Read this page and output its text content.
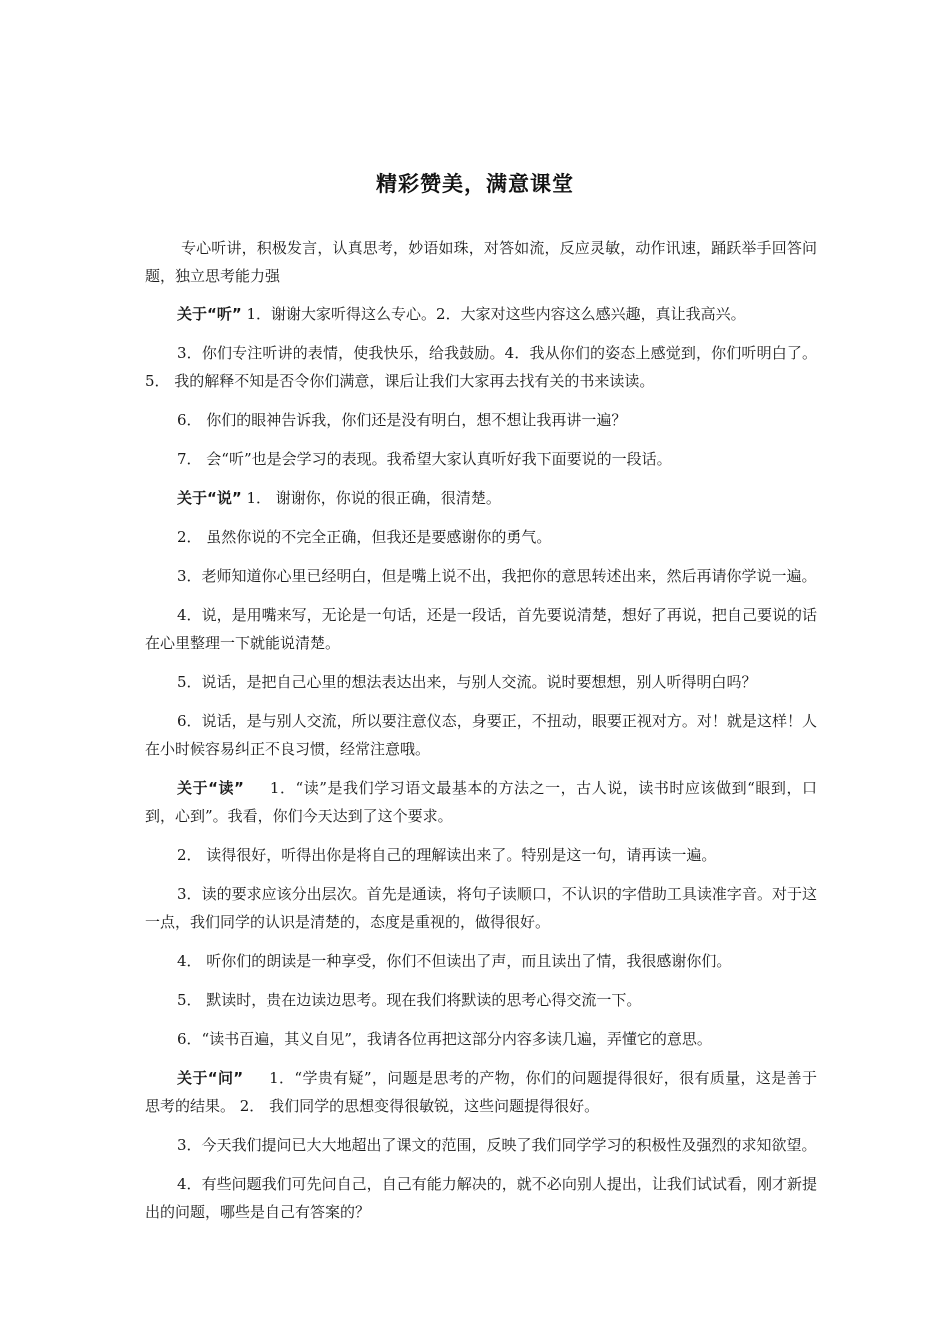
精彩赞美，满意课堂

专心听讲，积极发言，认真思考，妙语如珠，对答如流，反应灵敏，动作讯速，踊跃举手回答问题，独立思考能力强

关于“听” 1．谢谢大家听得这么专心。2．大家对这些内容这么感兴趣，真让我高兴。

3．你们专注听讲的表情，使我快乐，给我鼓励。4．我从你们的姿态上感觉到，你们听明白了。 5． 我的解释不知是否令你们满意，课后让我们大家再去找有关的书来读读。

6． 你们的眼神告诉我，你们还是没有明白，想不想让我再讲一遍？

7． 会“听”也是会学习的表现。我希望大家认真听好我下面要说的一段话。

关于“说” 1． 谢谢你，你说的很正确，很清楚。

2． 虽然你说的不完全正确，但我还是要感谢你的勇气。

3．老师知道你心里已经明白，但是嘴上说不出，我把你的意思转述出来，然后再请你学说一遍。

4．说，是用嘴来写，无论是一句话，还是一段话，首先要说清楚，想好了再说，把自己要说的话在心里整理一下就能说清楚。

5．说话，是把自己心里的想法表达出来，与别人交流。说时要想想，别人听得明白吗？

6．说话，是与别人交流，所以要注意仪态，身要正，不扭动，眼要正视对方。对！就是这样！人在小时候容易纠正不良习惯，经常注意哦。

关于“读” 1．“读”是我们学习语文最基本的方法之一，古人说，读书时应该做到“眼到，口到，心到”。我看，你们今天达到了这个要求。

2． 读得很好，听得出你是将自己的理解读出来了。特别是这一句，请再读一遍。

3．读的要求应该分出层次。首先是通读，将句子读顺口，不认识的字借助工具读准字音。对于这一点，我们同学的认识是清楚的，态度是重视的，做得很好。

4． 听你们的朗读是一种享受，你们不但读出了声，而且读出了情，我很感谢你们。

5． 默读时，贵在边读边思考。现在我们将默读的思考心得交流一下。

6．“读书百遍，其义自见”，我请各位再把这部分内容多读几遍，弄懂它的意思。

关于“问” 1．“学贵有疑”，问题是思考的产物，你们的问题提得很好，很有质量，这是善于思考的结果。 2． 我们同学的思想变得很敏锐，这些问题提得很好。

3．今天我们提问已大大地超出了课文的范围，反映了我们同学学习的积极性及强烈的求知欲望。

4．有些问题我们可先问自己，自己有能力解决的，就不必向别人提出，让我们试试看，刚才新提出的问题，哪些是自己有答案的？
